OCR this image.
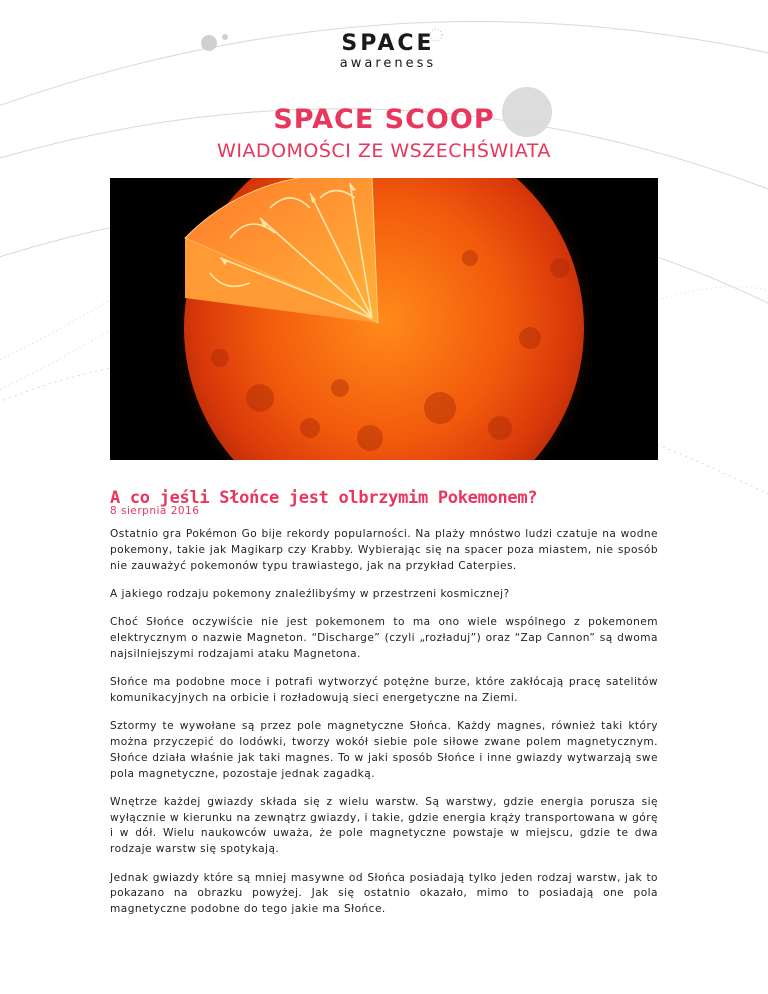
SPACE
awareness
SPACE SCOOP
WIADOMOŚCI ZE WSZECHŚWIATA
A co jeśli Słońce jest olbrzymim Pokemonem?
8 sierpnia 2016

Ostatnio gra Pokémon Go bije rekordy popularności. Na plaży mnóstwo ludzi czatuje na wodne pokemony, takie jak Magikarp czy Krabby. Wybierając się na spacer poza miastem, nie sposób nie zauważyć pokemonów typu trawiastego, jak na przykład Caterpies.

A jakiego rodzaju pokemony znaleźlibyśmy w przestrzeni kosmicznej?

Choć Słońce oczywiście nie jest pokemonem to ma ono wiele wspólnego z pokemonem elektrycznym o nazwie Magneton. “Discharge” (czyli „rozładuj”) oraz “Zap Cannon” są dwoma najsilniejszymi rodzajami ataku Magnetona.

Słońce ma podobne moce i potrafi wytworzyć potężne burze, które zakłócają pracę satelitów komunikacyjnych na orbicie i rozładowują sieci energetyczne na Ziemi.

Sztormy te wywołane są przez pole magnetyczne Słońca. Każdy magnes, również taki który można przyczepić do lodówki, tworzy wokół siebie pole siłowe zwane polem magnetycznym. Słońce działa właśnie jak taki magnes. To w jaki sposób Słońce i inne gwiazdy wytwarzają swe pola magnetyczne, pozostaje jednak zagadką.

Wnętrze każdej gwiazdy składa się z wielu warstw. Są warstwy, gdzie energia porusza się wyłącznie w kierunku na zewnątrz gwiazdy, i takie, gdzie energia krąży transportowana w górę i w dół. Wielu naukowców uważa, że pole magnetyczne powstaje w miejscu, gdzie te dwa rodzaje warstw się spotykają.

Jednak gwiazdy które są mniej masywne od Słońca posiadają tylko jeden rodzaj warstw, jak to pokazano na obrazku powyżej. Jak się ostatnio okazało, mimo to posiadają one pola magnetyczne podobne do tego jakie ma Słońce.
